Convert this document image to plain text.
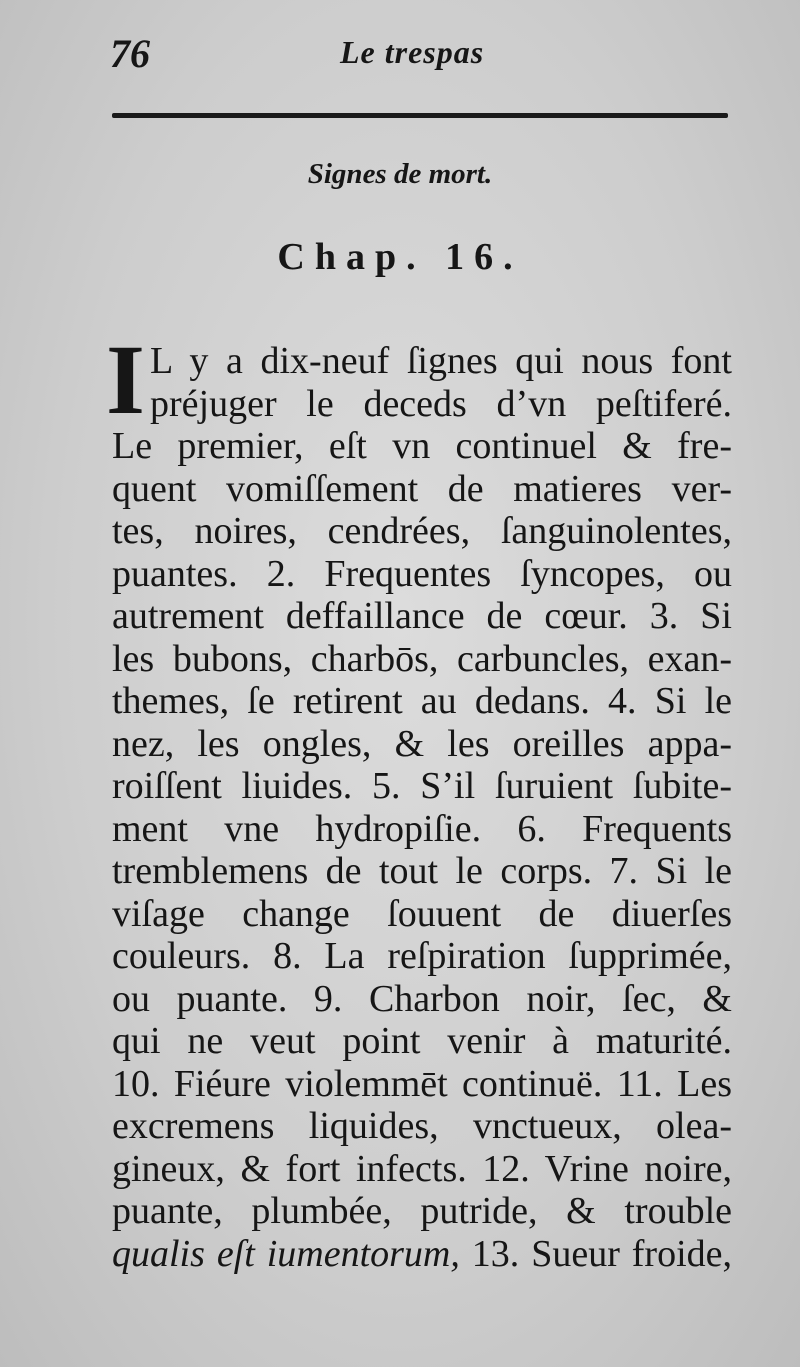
76	Le trespas
Signes de mort.
Chap. 16.
I L y a dix-neuf ſignes qui nous font
préjuger le deceds d’vn peſtiferé.
Le premier, eſt vn continuel & fre-
quent vomiſſement de matieres ver-
tes, noires, cendrées, ſanguinolentes,
puantes. 2. Frequentes ſyncopes, ou
autrement deffaillance de cœur. 3. Si
les bubons, charbōs, carbuncles, exan-
themes, ſe retirent au dedans. 4. Si le
nez, les ongles, & les oreilles appa-
roiſſent liuides. 5. S’il ſuruient ſubite-
ment vne hydropiſie. 6. Frequents
tremblemens de tout le corps. 7. Si le
viſage change ſouuent de diuerſes
couleurs. 8. La reſpiration ſupprimée,
ou puante. 9. Charbon noir, ſec, &
qui ne veut point venir à maturité.
10. Fiéure violemmēt continuë. 11. Les
excremens liquides, vnctueux, olea-
gineux, & fort infects. 12. Vrine noire,
puante, plumbée, putride, & trouble
qualis eſt iumentorum, 13. Sueur froide,
